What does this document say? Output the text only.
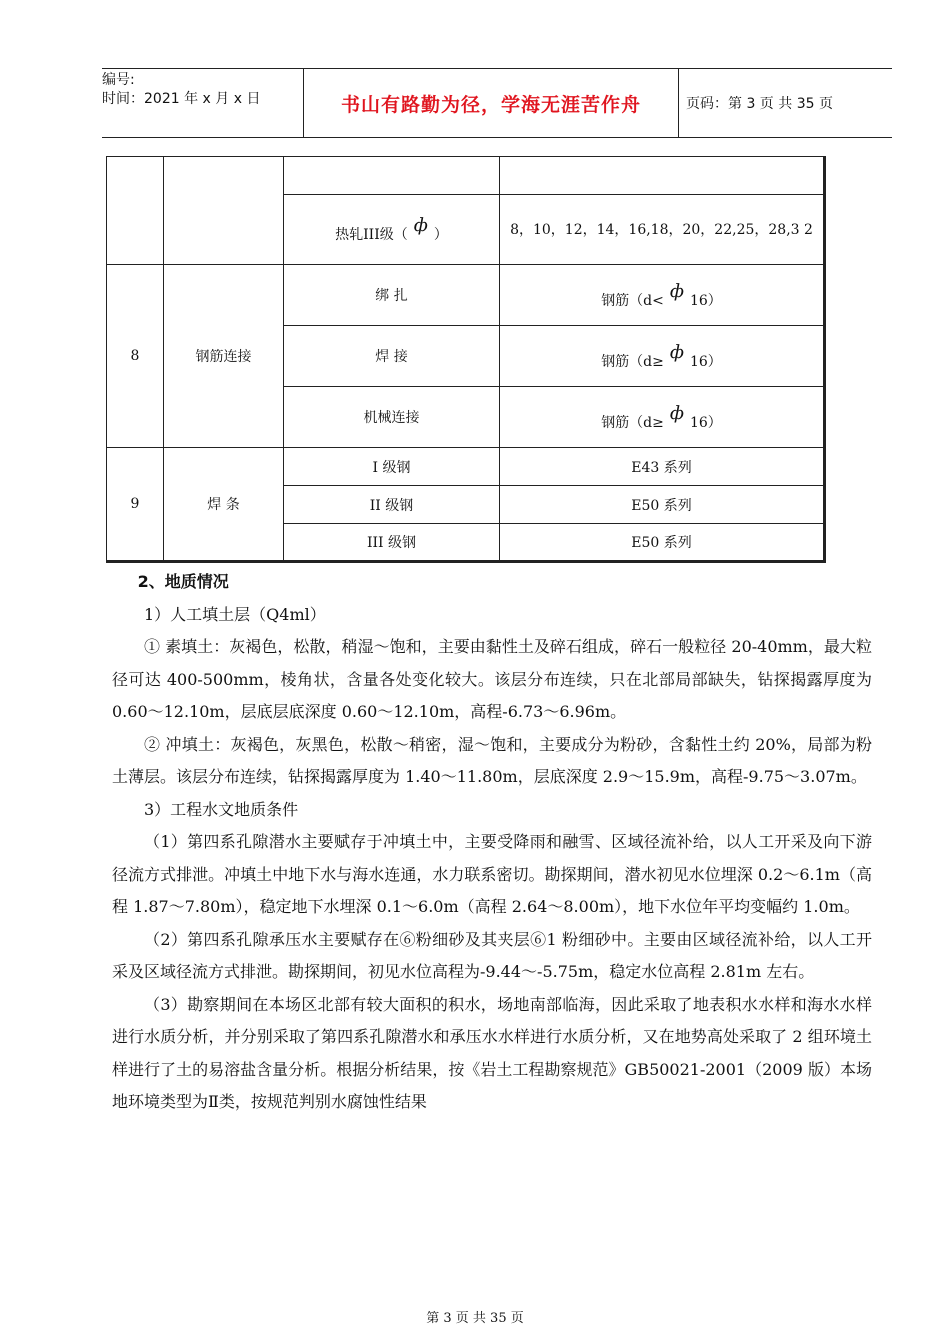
编号:
时间：2021 年 x 月 x 日	书山有路勤为径，学海无涯苦作舟	页码：第 3 页 共 35 页

		热轧III级（ ф ）	8，10，12，14，16,18，20，22,25，28,3 2
8	钢筋连接	绑 扎	钢筋（d< ф 16）
		焊 接	钢筋（d≥ ф 16）
		机械连接	钢筋（d≥ ф 16）
9	焊 条	I 级钢	E43 系列
		II 级钢	E50 系列
		III 级钢	E50 系列

2、地质情况

1）人工填土层（Q4ml）

① 素填土：灰褐色，松散，稍湿～饱和，主要由黏性土及碎石组成，碎石一般粒径 20-40mm，最大粒径可达 400-500mm，棱角状，含量各处变化较大。该层分布连续，只在北部局部缺失，钻探揭露厚度为 0.60～12.10m，层底层底深度 0.60～12.10m，高程-6.73～6.96m。

② 冲填土：灰褐色，灰黑色，松散～稍密，湿～饱和，主要成分为粉砂，含黏性土约 20%，局部为粉土薄层。该层分布连续，钻探揭露厚度为 1.40～11.80m，层底深度 2.9～15.9m，高程-9.75～3.07m。

3）工程水文地质条件

（1）第四系孔隙潜水主要赋存于冲填土中，主要受降雨和融雪、区域径流补给，以人工开采及向下游径流方式排泄。冲填土中地下水与海水连通，水力联系密切。勘探期间，潜水初见水位埋深 0.2～6.1m（高程 1.87～7.80m），稳定地下水埋深 0.1～6.0m（高程 2.64～8.00m），地下水位年平均变幅约 1.0m。

（2）第四系孔隙承压水主要赋存在⑥粉细砂及其夹层⑥1 粉细砂中。主要由区域径流补给，以人工开采及区域径流方式排泄。勘探期间，初见水位高程为-9.44～-5.75m，稳定水位高程 2.81m 左右。

（3）勘察期间在本场区北部有较大面积的积水，场地南部临海，因此采取了地表积水水样和海水水样进行水质分析，并分别采取了第四系孔隙潜水和承压水水样进行水质分析，又在地势高处采取了 2 组环境土样进行了土的易溶盐含量分析。根据分析结果，按《岩土工程勘察规范》GB50021-2001（2009 版）本场地环境类型为Ⅱ类，按规范判别水腐蚀性结果

第 3 页 共 35 页
